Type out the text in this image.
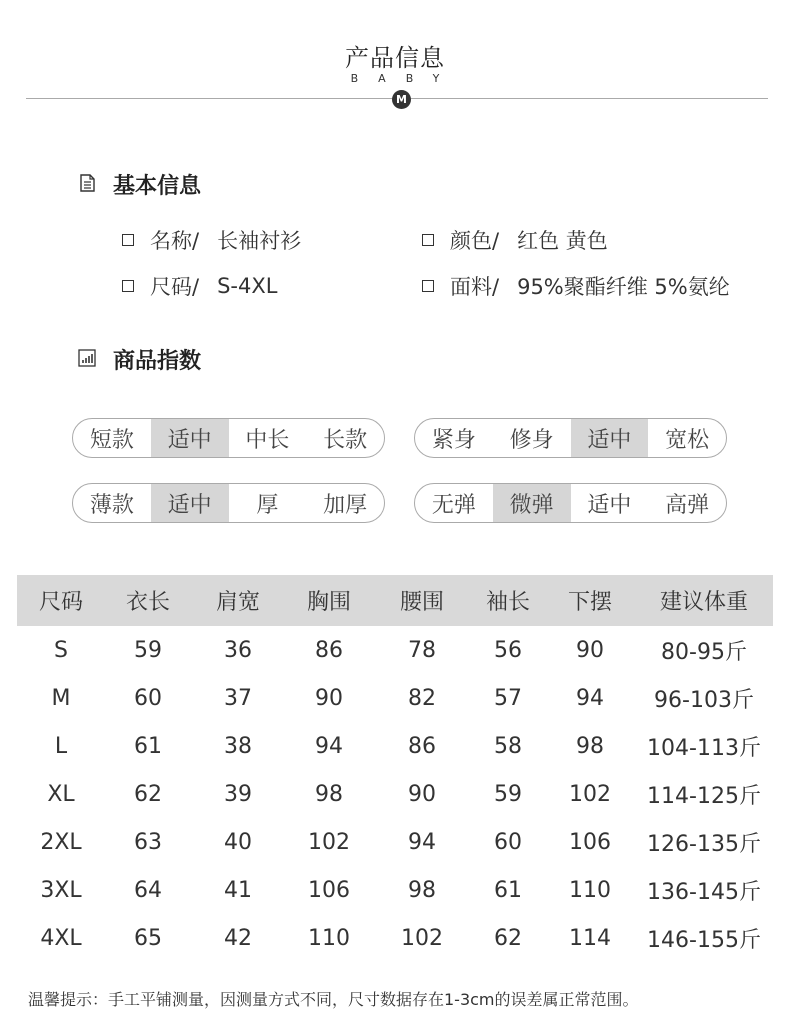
产品信息
BABY
M
基本信息
名称/ 长袖衬衫	颜色/ 红色 黄色
尺码/ S-4XL	面料/ 95%聚酯纤维 5%氨纶
商品指数
短款	适中	中长	长款	紧身	修身	适中	宽松
薄款	适中	厚	加厚	无弹	微弹	适中	高弹
尺码	衣长	肩宽	胸围	腰围	袖长	下摆	建议体重
S	59	36	86	78	56	90	80-95斤
M	60	37	90	82	57	94	96-103斤
L	61	38	94	86	58	98	104-113斤
XL	62	39	98	90	59	102	114-125斤
2XL	63	40	102	94	60	106	126-135斤
3XL	64	41	106	98	61	110	136-145斤
4XL	65	42	110	102	62	114	146-155斤
温馨提示：手工平铺测量，因测量方式不同，尺寸数据存在1-3cm的误差属正常范围。
